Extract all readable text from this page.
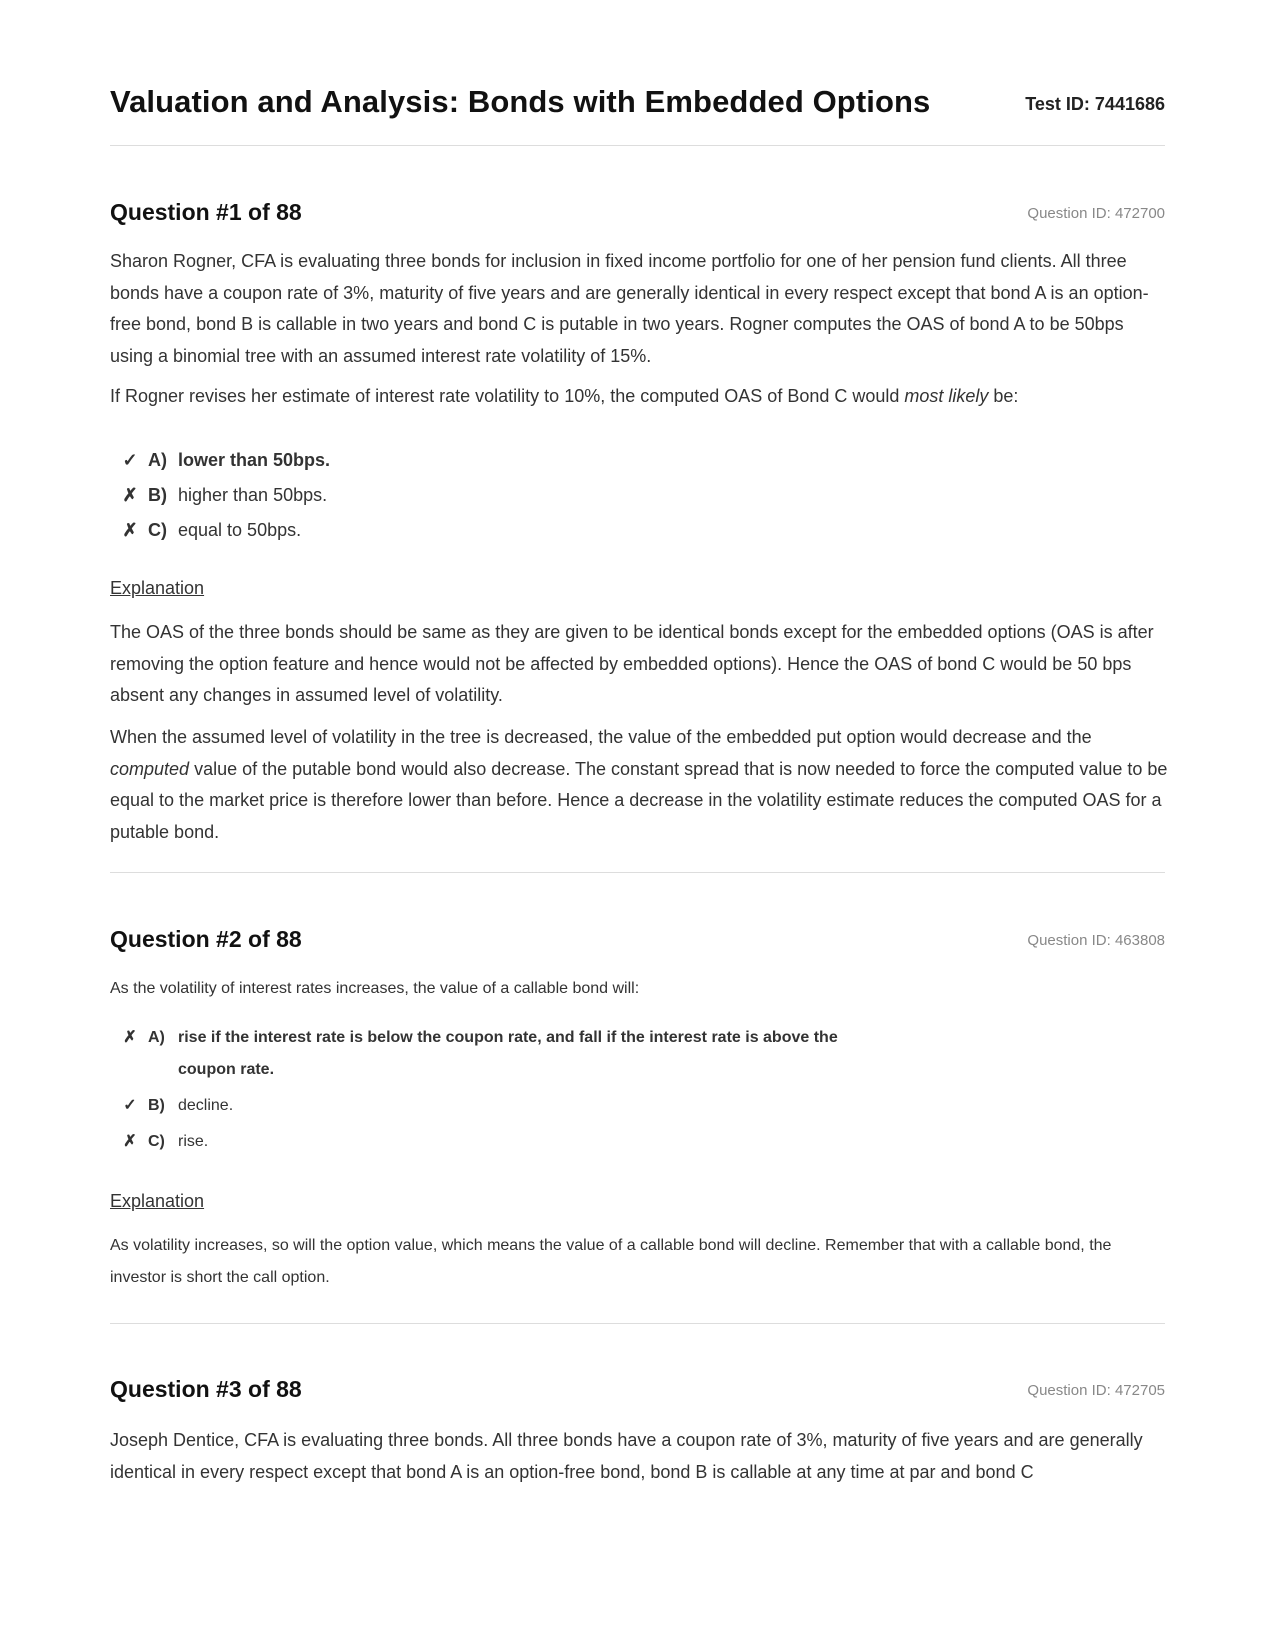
Valuation and Analysis: Bonds with Embedded Options	Test ID: 7441686
Question #1 of 88	Question ID: 472700

Sharon Rogner, CFA is evaluating three bonds for inclusion in fixed income portfolio for one of her pension fund clients. All three bonds have a coupon rate of 3%, maturity of five years and are generally identical in every respect except that bond A is an option-free bond, bond B is callable in two years and bond C is putable in two years. Rogner computes the OAS of bond A to be 50bps using a binomial tree with an assumed interest rate volatility of 15%.

If Rogner revises her estimate of interest rate volatility to 10%, the computed OAS of Bond C would most likely be:

✓ A) lower than 50bps.
✗ B) higher than 50bps.
✗ C) equal to 50bps.
Explanation

The OAS of the three bonds should be same as they are given to be identical bonds except for the embedded options (OAS is after removing the option feature and hence would not be affected by embedded options). Hence the OAS of bond C would be 50 bps absent any changes in assumed level of volatility.

When the assumed level of volatility in the tree is decreased, the value of the embedded put option would decrease and the computed value of the putable bond would also decrease. The constant spread that is now needed to force the computed value to be equal to the market price is therefore lower than before. Hence a decrease in the volatility estimate reduces the computed OAS for a putable bond.

Question #2 of 88	Question ID: 463808

As the volatility of interest rates increases, the value of a callable bond will:

✗ A) rise if the interest rate is below the coupon rate, and fall if the interest rate is above the coupon rate.
✓ B) decline.
✗ C) rise.
Explanation

As volatility increases, so will the option value, which means the value of a callable bond will decline. Remember that with a callable bond, the investor is short the call option.

Question #3 of 88	Question ID: 472705

Joseph Dentice, CFA is evaluating three bonds. All three bonds have a coupon rate of 3%, maturity of five years and are generally identical in every respect except that bond A is an option-free bond, bond B is callable at any time at par and bond C
